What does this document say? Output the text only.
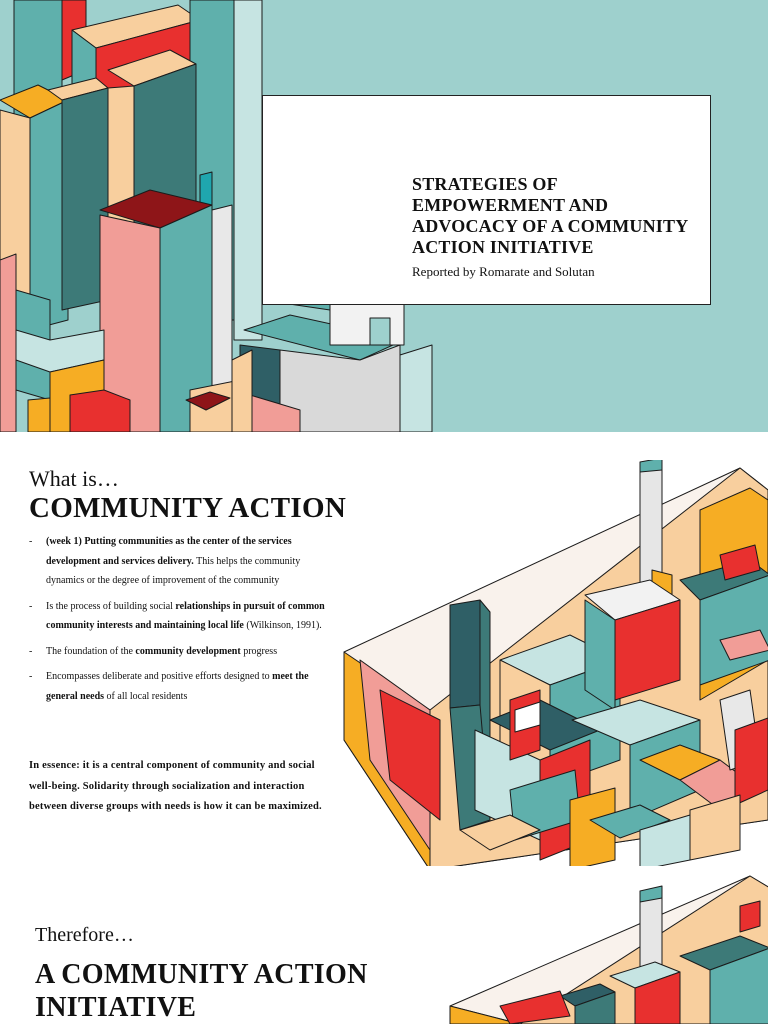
STRATEGIES OF EMPOWERMENT AND ADVOCACY OF A COMMUNITY ACTION INITIATIVE
Reported by Romarate and Solutan
What is…
COMMUNITY ACTION
- (week 1) Putting communities as the center of the services development and services delivery. This helps the community dynamics or the degree of improvement of the community
- Is the process of building social relationships in pursuit of common community interests and maintaining local life (Wilkinson, 1991).
- The foundation of the community development progress
- Encompasses deliberate and positive efforts designed to meet the general needs of all local residents
In essence: it is a central component of community and social well-being. Solidarity through socialization and interaction between diverse groups with needs is how it can be maximized.
Therefore…
A COMMUNITY ACTION INITIATIVE
